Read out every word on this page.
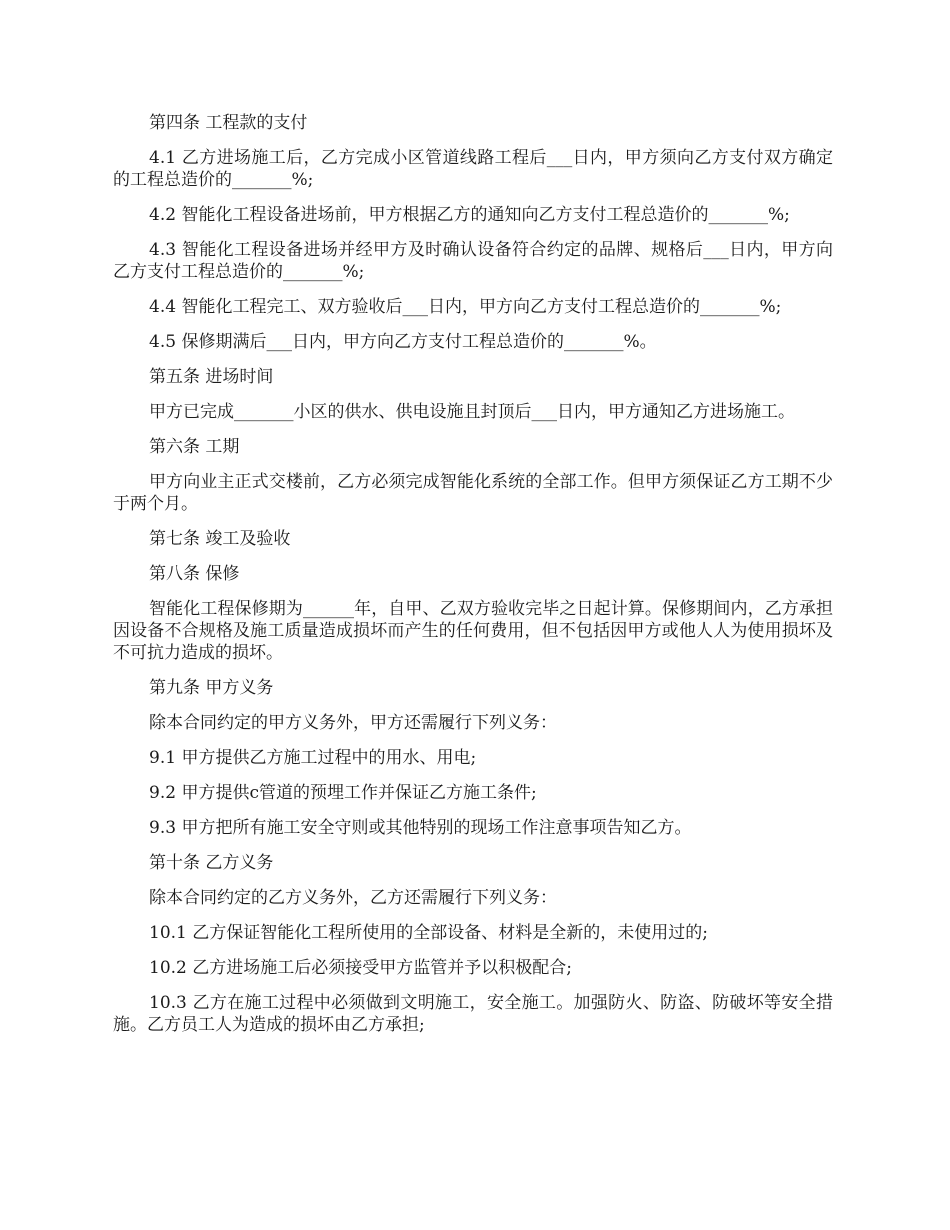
第四条 工程款的支付

4.1 乙方进场施工后，乙方完成小区管道线路工程后___日内，甲方须向乙方支付双方确定的工程总造价的_______%;

4.2 智能化工程设备进场前，甲方根据乙方的通知向乙方支付工程总造价的_______%;

4.3 智能化工程设备进场并经甲方及时确认设备符合约定的品牌、规格后___日内，甲方向乙方支付工程总造价的_______%;

4.4 智能化工程完工、双方验收后___日内，甲方向乙方支付工程总造价的_______%;

4.5 保修期满后___日内，甲方向乙方支付工程总造价的_______%。

第五条 进场时间

甲方已完成_______小区的供水、供电设施且封顶后___日内，甲方通知乙方进场施工。

第六条 工期

甲方向业主正式交楼前，乙方必须完成智能化系统的全部工作。但甲方须保证乙方工期不少于两个月。

第七条 竣工及验收

第八条 保修

智能化工程保修期为______年，自甲、乙双方验收完毕之日起计算。保修期间内，乙方承担因设备不合规格及施工质量造成损坏而产生的任何费用，但不包括因甲方或他人人为使用损坏及不可抗力造成的损坏。

第九条 甲方义务

除本合同约定的甲方义务外，甲方还需履行下列义务：

9.1 甲方提供乙方施工过程中的用水、用电;

9.2 甲方提供c管道的预埋工作并保证乙方施工条件;

9.3 甲方把所有施工安全守则或其他特别的现场工作注意事项告知乙方。

第十条 乙方义务

除本合同约定的乙方义务外，乙方还需履行下列义务：

10.1 乙方保证智能化工程所使用的全部设备、材料是全新的，未使用过的;

10.2 乙方进场施工后必须接受甲方监管并予以积极配合;

10.3 乙方在施工过程中必须做到文明施工，安全施工。加强防火、防盗、防破坏等安全措施。乙方员工人为造成的损坏由乙方承担;
